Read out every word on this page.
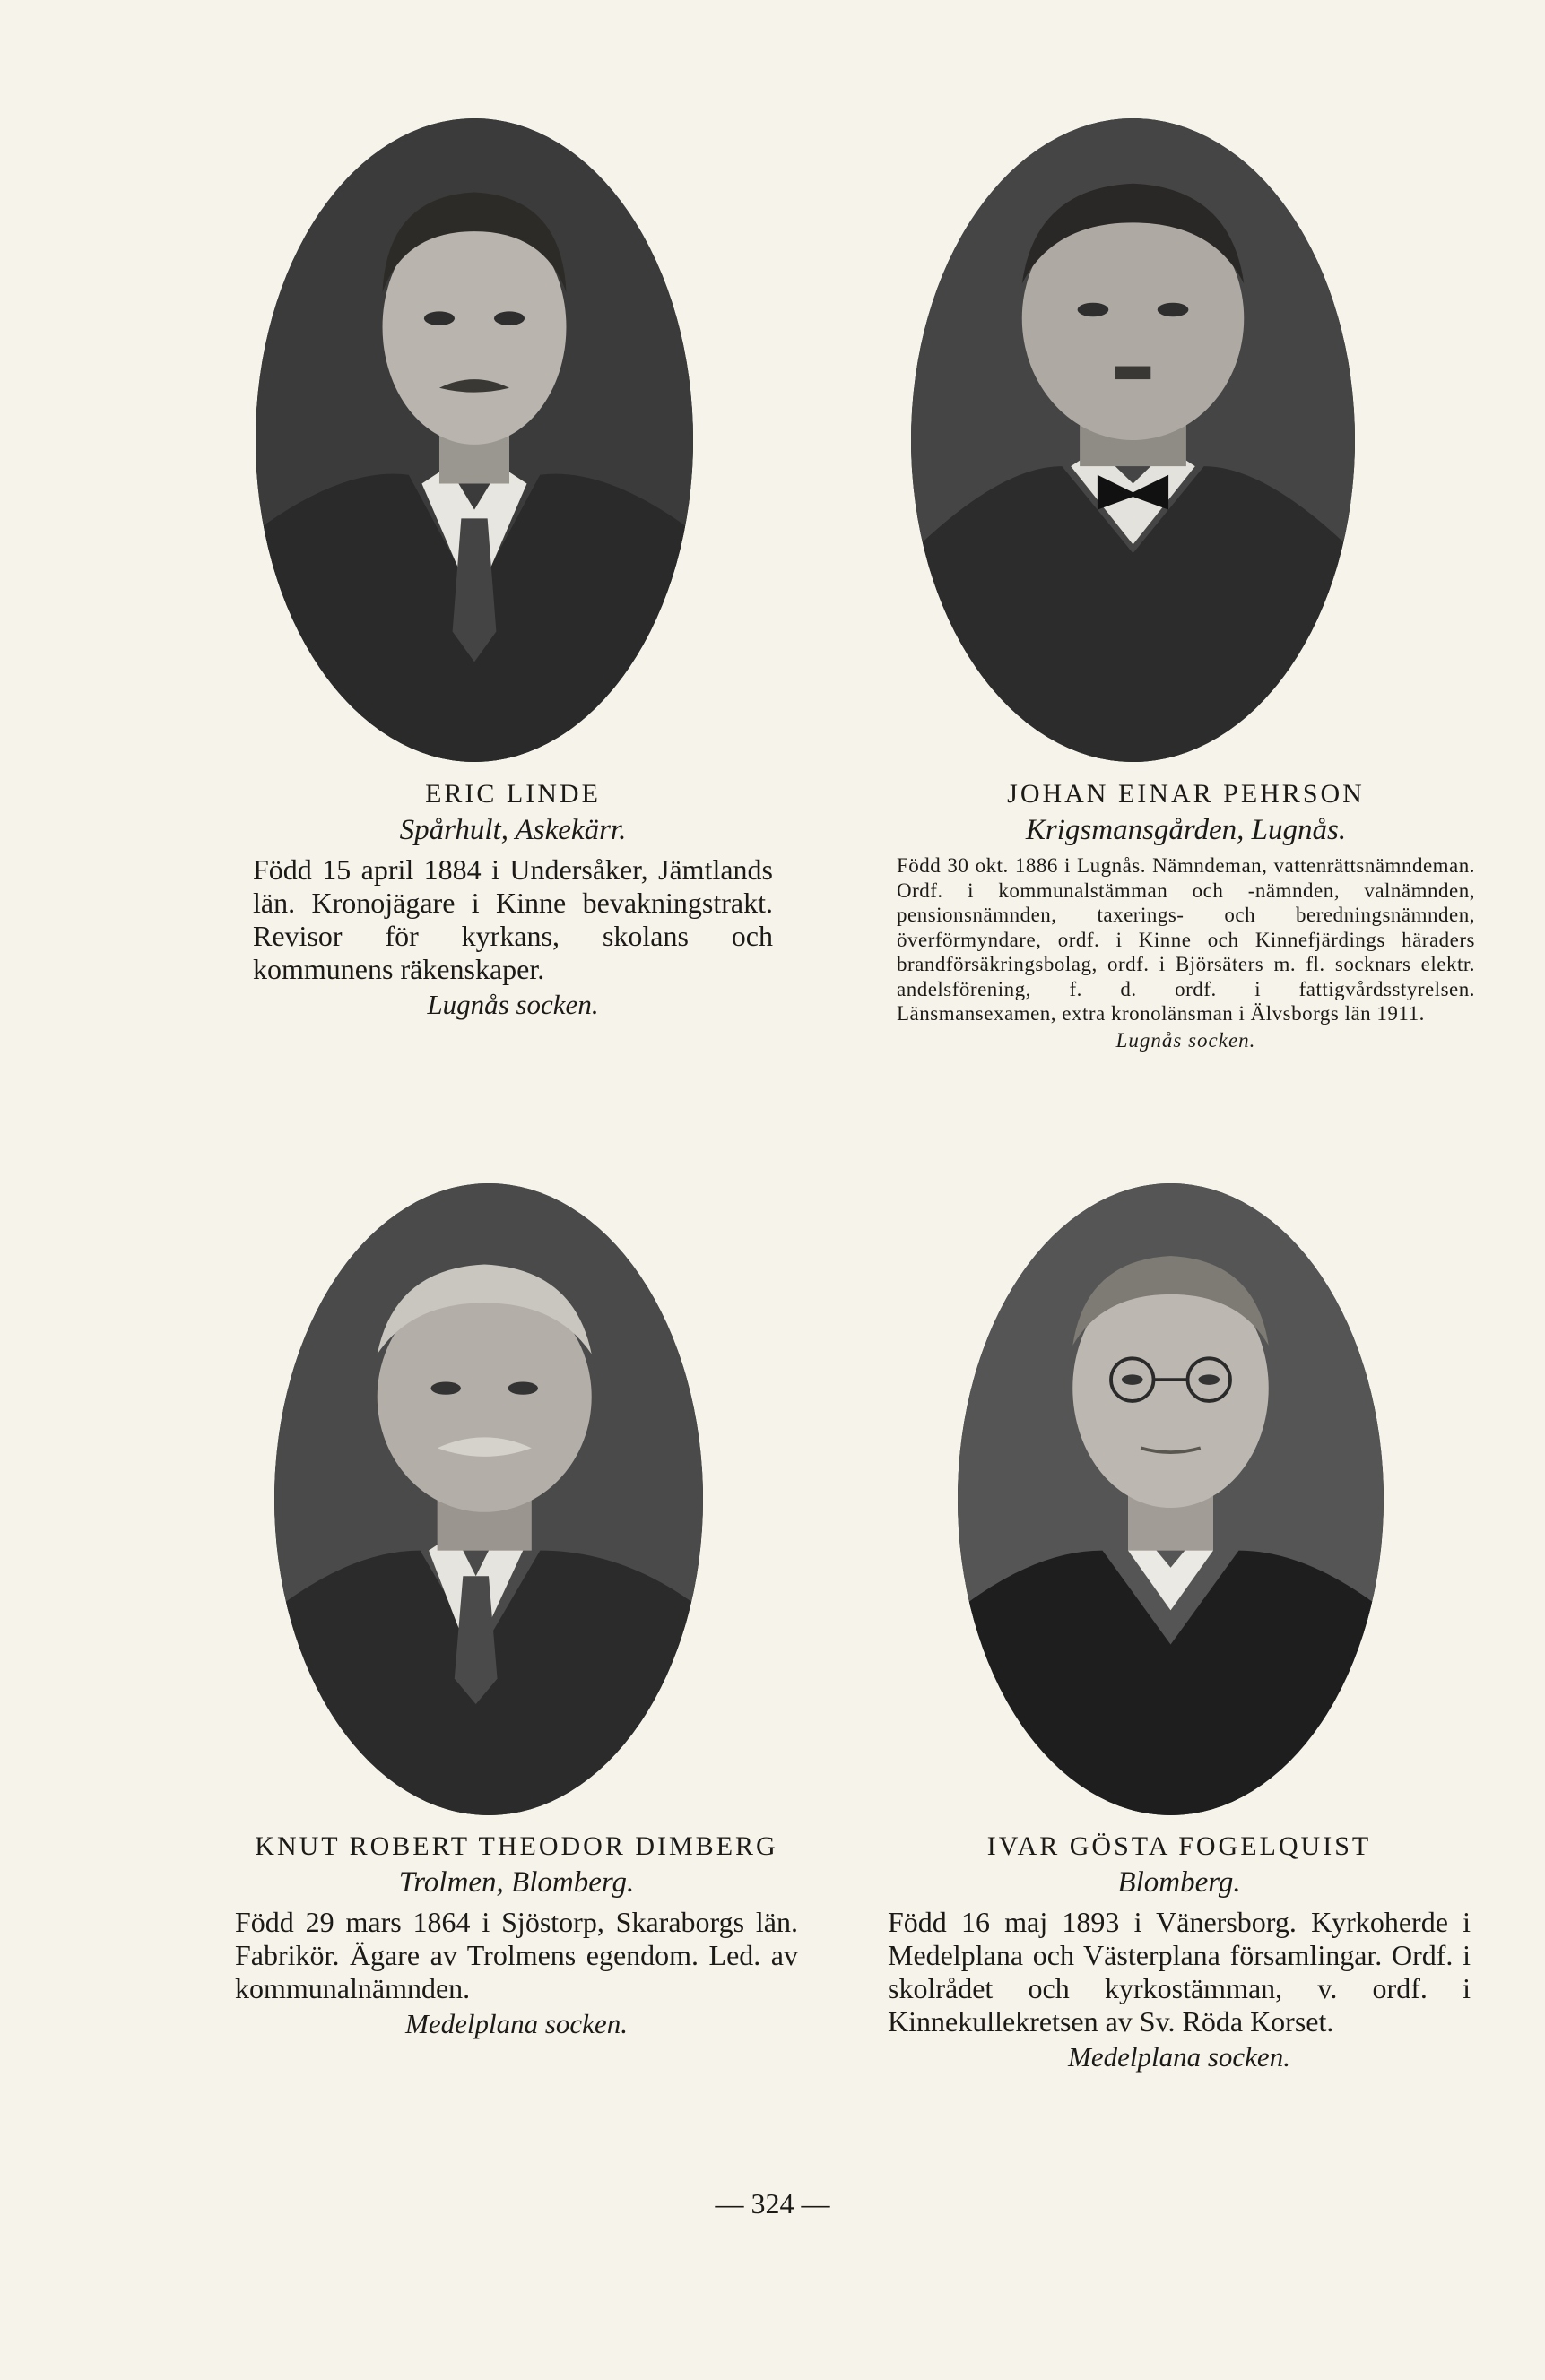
ERIC LINDE

Spårhult, Askekärr.

Född 15 april 1884 i Undersåker, Jämtlands län. Kronojägare i Kinne bevakningstrakt. Revisor för kyrkans, skolans och kommunens räkenskaper.

Lugnås socken.

JOHAN EINAR PEHRSON

Krigsmansgården, Lugnås.

Född 30 okt. 1886 i Lugnås. Nämndeman, vattenrättsnämndeman. Ordf. i kommunalstämman och -nämnden, valnämnden, pensionsnämnden, taxerings- och beredningsnämnden, överförmyndare, ordf. i Kinne och Kinnefjärdings häraders brandförsäkringsbolag, ordf. i Björsäters m. fl. socknars elektr. andelsförening, f. d. ordf. i fattigvårdsstyrelsen. Länsmansexamen, extra kronolänsman i Älvsborgs län 1911.

Lugnås socken.

KNUT ROBERT THEODOR DIMBERG

Trolmen, Blomberg.

Född 29 mars 1864 i Sjöstorp, Skaraborgs län. Fabrikör. Ägare av Trolmens egendom. Led. av kommunalnämnden.

Medelplana socken.

IVAR GÖSTA FOGELQUIST

Blomberg.

Född 16 maj 1893 i Vänersborg. Kyrkoherde i Medelplana och Västerplana församlingar. Ordf. i skolrådet och kyrkostämman, v. ordf. i Kinnekullekretsen av Sv. Röda Korset.

Medelplana socken.

— 324 —
